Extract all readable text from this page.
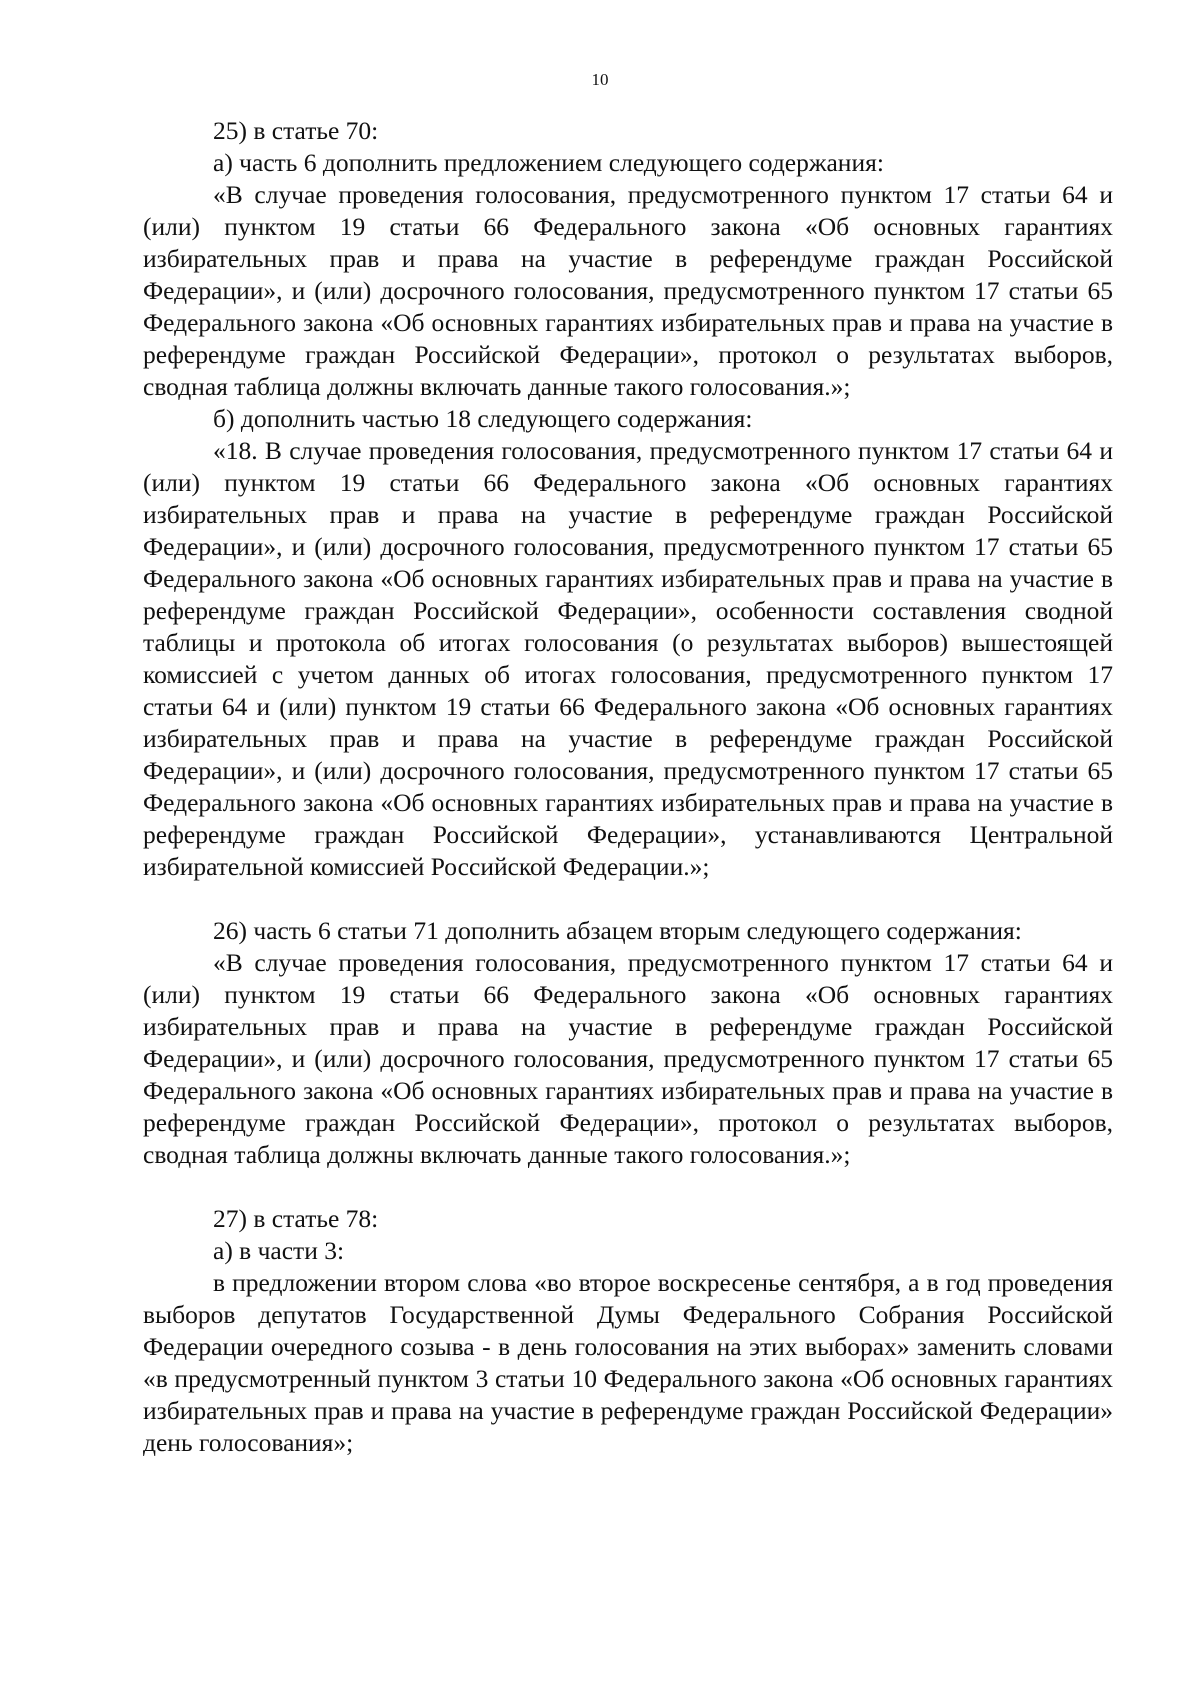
10

25) в статье 70:

а) часть 6 дополнить предложением следующего содержания:

«В случае проведения голосования, предусмотренного пунктом 17 статьи 64 и (или) пунктом 19 статьи 66 Федерального закона «Об основных гарантиях избирательных прав и права на участие в референдуме граждан Российской Федерации», и (или) досрочного голосования, предусмотренного пунктом 17 статьи 65 Федерального закона «Об основных гарантиях избирательных прав и права на участие в референдуме граждан Российской Федерации», протокол о результатах выборов, сводная таблица должны включать данные такого голосования.»;

б) дополнить частью 18 следующего содержания:

«18. В случае проведения голосования, предусмотренного пунктом 17 статьи 64 и (или) пунктом 19 статьи 66 Федерального закона «Об основных гарантиях избирательных прав и права на участие в референдуме граждан Российской Федерации», и (или) досрочного голосования, предусмотренного пунктом 17 статьи 65 Федерального закона «Об основных гарантиях избирательных прав и права на участие в референдуме граждан Российской Федерации», особенности составления сводной таблицы и протокола об итогах голосования (о результатах выборов) вышестоящей комиссией с учетом данных об итогах голосования, предусмотренного пунктом 17 статьи 64 и (или) пунктом 19 статьи 66 Федерального закона «Об основных гарантиях избирательных прав и права на участие в референдуме граждан Российской Федерации», и (или) досрочного голосования, предусмотренного пунктом 17 статьи 65 Федерального закона «Об основных гарантиях избирательных прав и права на участие в референдуме граждан Российской Федерации», устанавливаются Центральной избирательной комиссией Российской Федерации.»;

26) часть 6 статьи 71 дополнить абзацем вторым следующего содержания:

«В случае проведения голосования, предусмотренного пунктом 17 статьи 64 и (или) пунктом 19 статьи 66 Федерального закона «Об основных гарантиях избирательных прав и права на участие в референдуме граждан Российской Федерации», и (или) досрочного голосования, предусмотренного пунктом 17 статьи 65 Федерального закона «Об основных гарантиях избирательных прав и права на участие в референдуме граждан Российской Федерации», протокол о результатах выборов, сводная таблица должны включать данные такого голосования.»;

27) в статье 78:

а) в части 3:

в предложении втором слова «во второе воскресенье сентября, а в год проведения выборов депутатов Государственной Думы Федерального Собрания Российской Федерации очередного созыва - в день голосования на этих выборах» заменить словами «в предусмотренный пунктом 3 статьи 10 Федерального закона «Об основных гарантиях избирательных прав и права на участие в референдуме граждан Российской Федерации» день голосования»;
